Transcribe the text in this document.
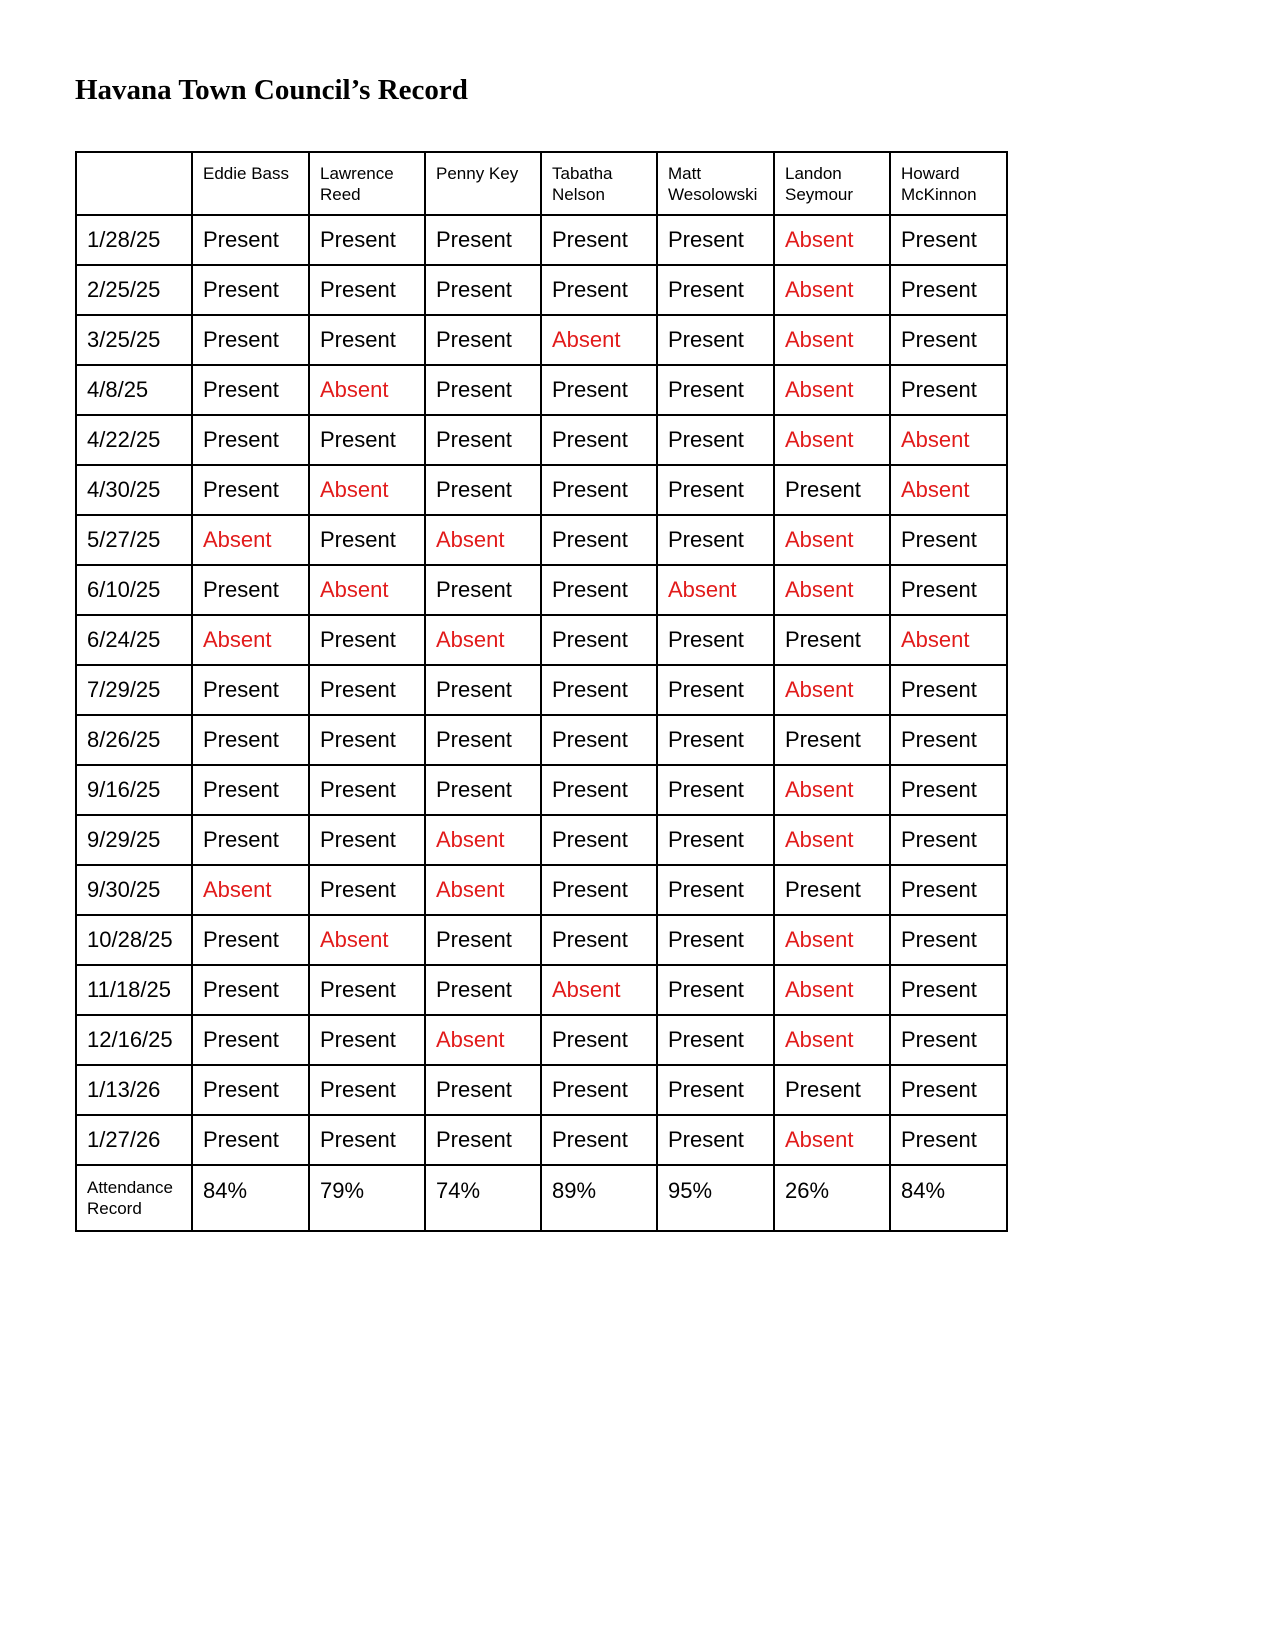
Havana Town Council’s Record
	Eddie Bass	Lawrence Reed	Penny Key	Tabatha Nelson	Matt Wesolowski	Landon Seymour	Howard McKinnon
1/28/25	Present	Present	Present	Present	Present	Absent	Present
2/25/25	Present	Present	Present	Present	Present	Absent	Present
3/25/25	Present	Present	Present	Absent	Present	Absent	Present
4/8/25	Present	Absent	Present	Present	Present	Absent	Present
4/22/25	Present	Present	Present	Present	Present	Absent	Absent
4/30/25	Present	Absent	Present	Present	Present	Present	Absent
5/27/25	Absent	Present	Absent	Present	Present	Absent	Present
6/10/25	Present	Absent	Present	Present	Absent	Absent	Present
6/24/25	Absent	Present	Absent	Present	Present	Present	Absent
7/29/25	Present	Present	Present	Present	Present	Absent	Present
8/26/25	Present	Present	Present	Present	Present	Present	Present
9/16/25	Present	Present	Present	Present	Present	Absent	Present
9/29/25	Present	Present	Absent	Present	Present	Absent	Present
9/30/25	Absent	Present	Absent	Present	Present	Present	Present
10/28/25	Present	Absent	Present	Present	Present	Absent	Present
11/18/25	Present	Present	Present	Absent	Present	Absent	Present
12/16/25	Present	Present	Absent	Present	Present	Absent	Present
1/13/26	Present	Present	Present	Present	Present	Present	Present
1/27/26	Present	Present	Present	Present	Present	Absent	Present
Attendance Record	84%	79%	74%	89%	95%	26%	84%
